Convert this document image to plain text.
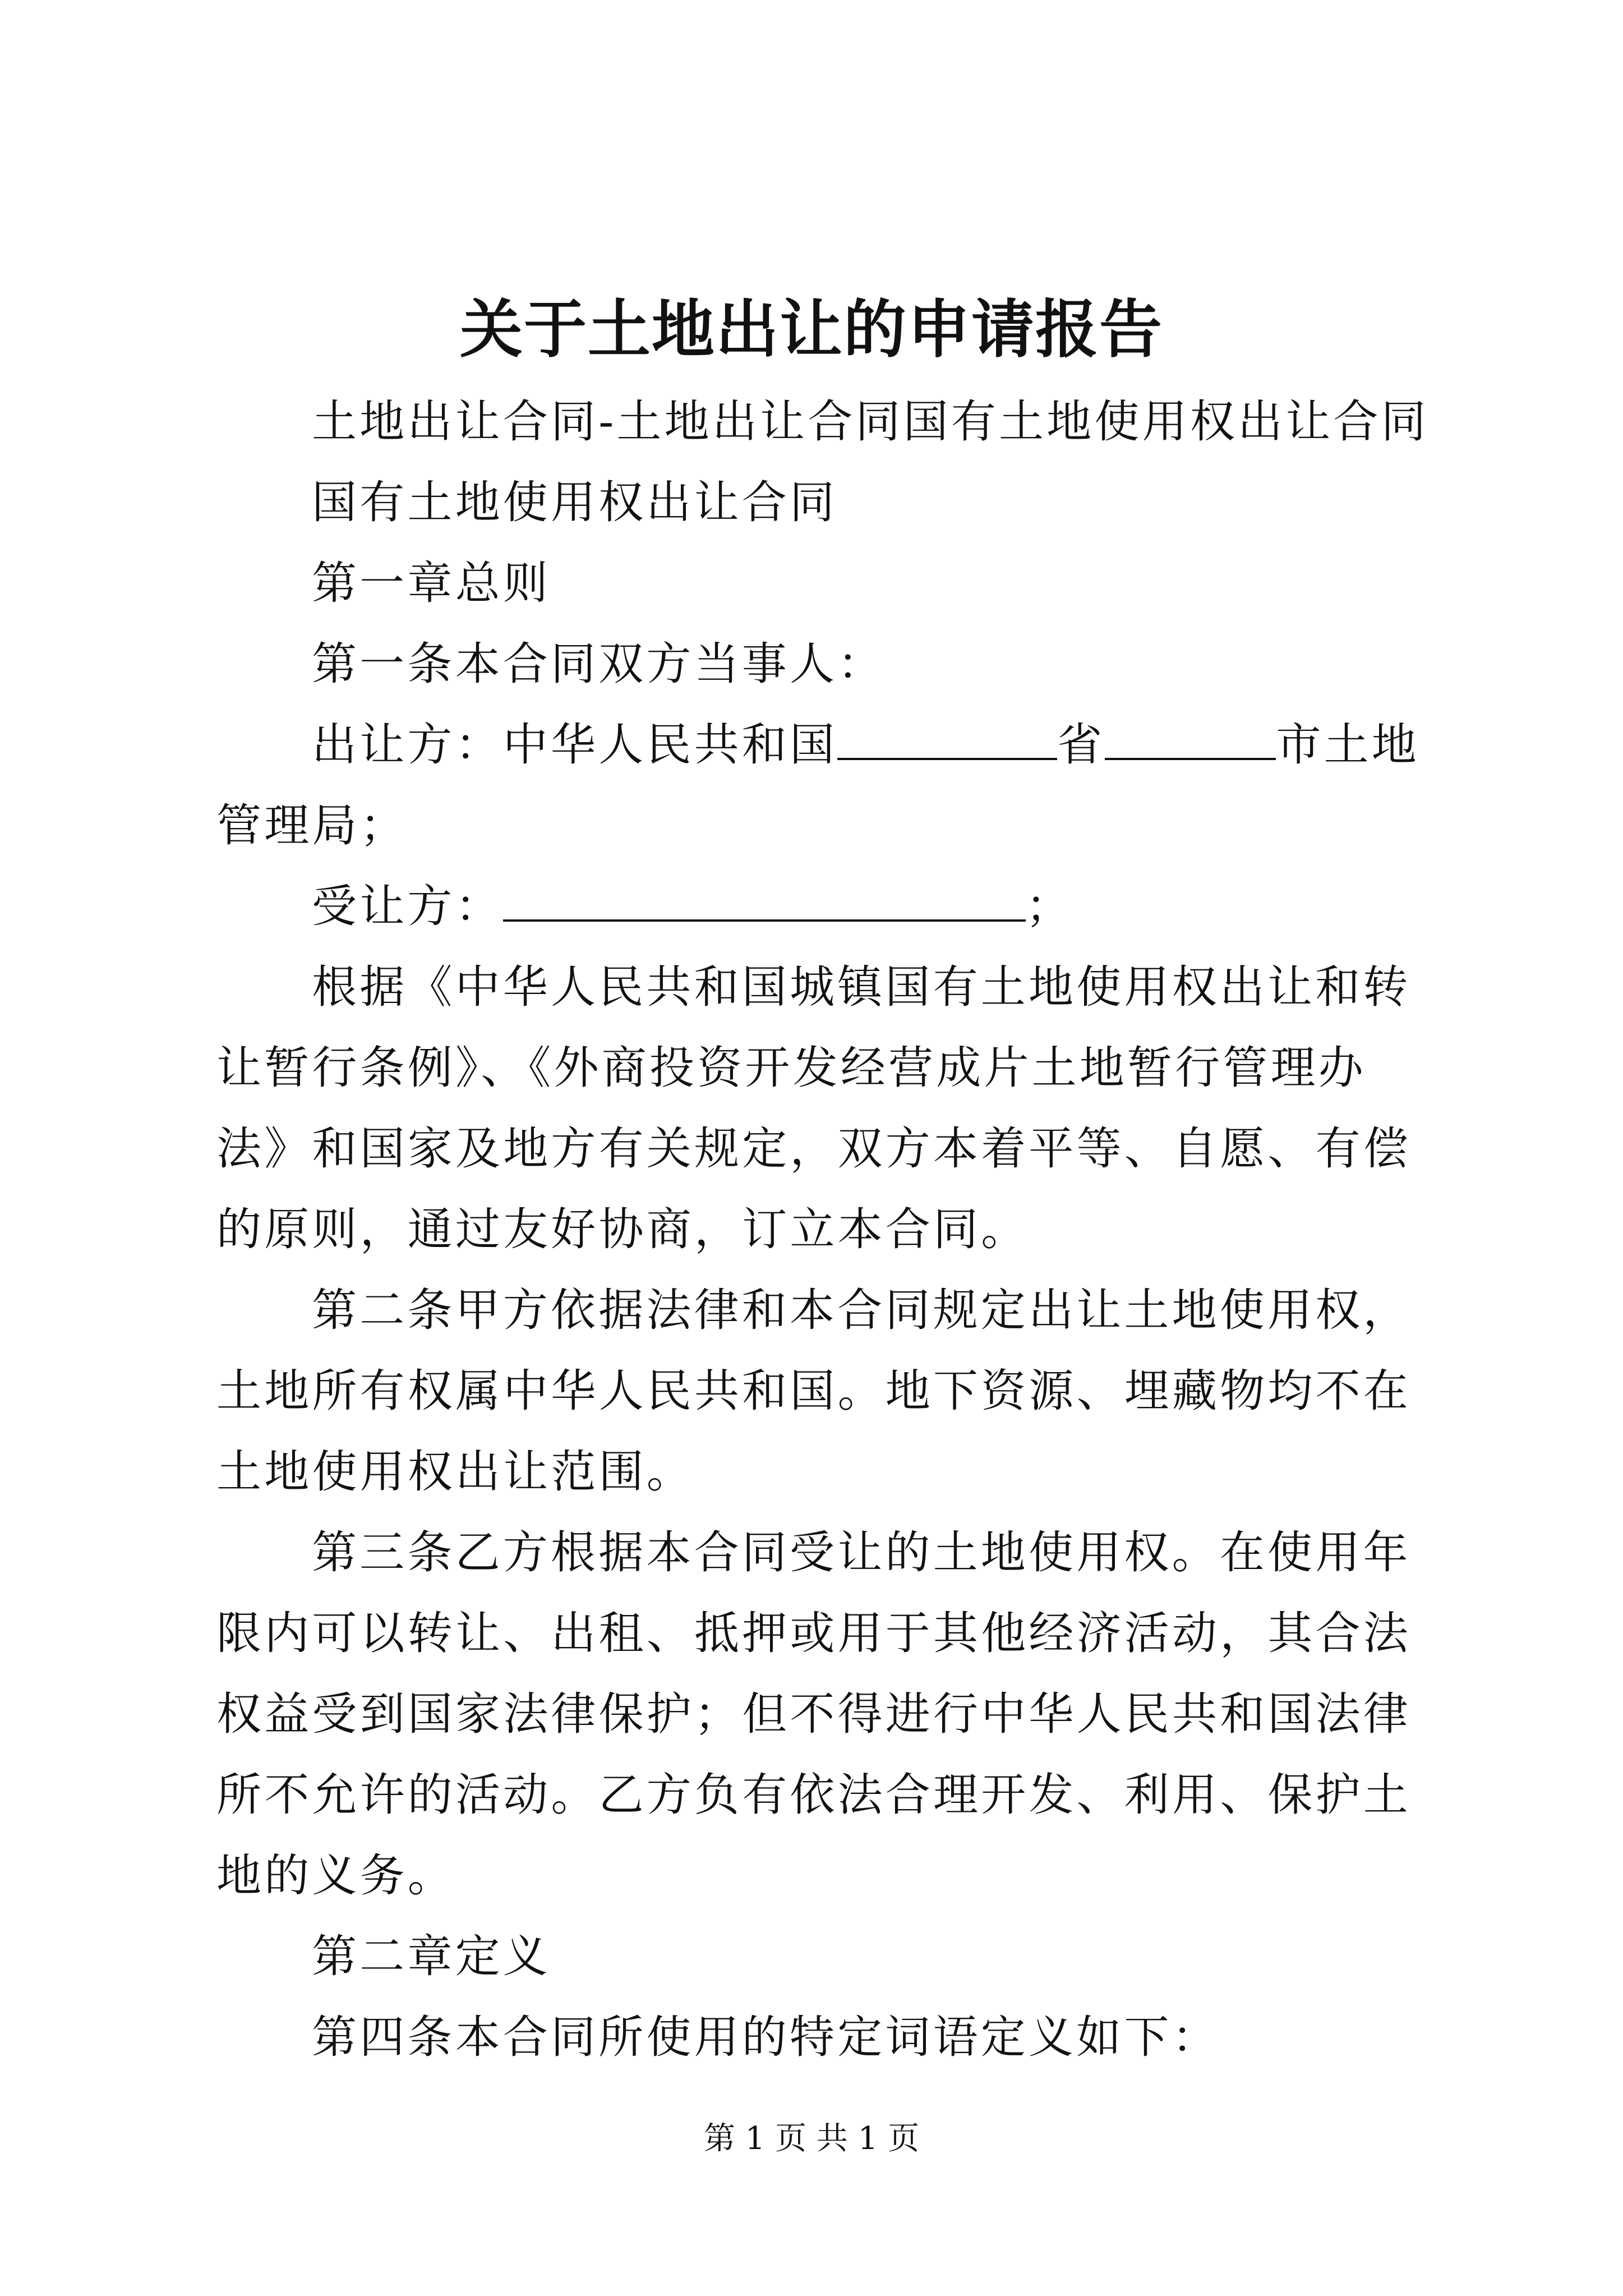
关于土地出让的申请报告

土地出让合同-土地出让合同国有土地使用权出让合同

国有土地使用权出让合同

第一章总则

第一条本合同双方当事人：

出让方：中华人民共和国	省	市土地管理局；

受让方：	；

根据《中华人民共和国城镇国有土地使用权出让和转让暂行条例》、《外商投资开发经营成片土地暂行管理办法》和国家及地方有关规定，双方本着平等、自愿、有偿的原则，通过友好协商，订立本合同。

第二条甲方依据法律和本合同规定出让土地使用权，土地所有权属中华人民共和国。地下资源、埋藏物均不在土地使用权出让范围。

第三条乙方根据本合同受让的土地使用权。在使用年限内可以转让、出租、抵押或用于其他经济活动，其合法权益受到国家法律保护；但不得进行中华人民共和国法律所不允许的活动。乙方负有依法合理开发、利用、保护土地的义务。

第二章定义

第四条本合同所使用的特定词语定义如下：

第 1 页 共 1 页
